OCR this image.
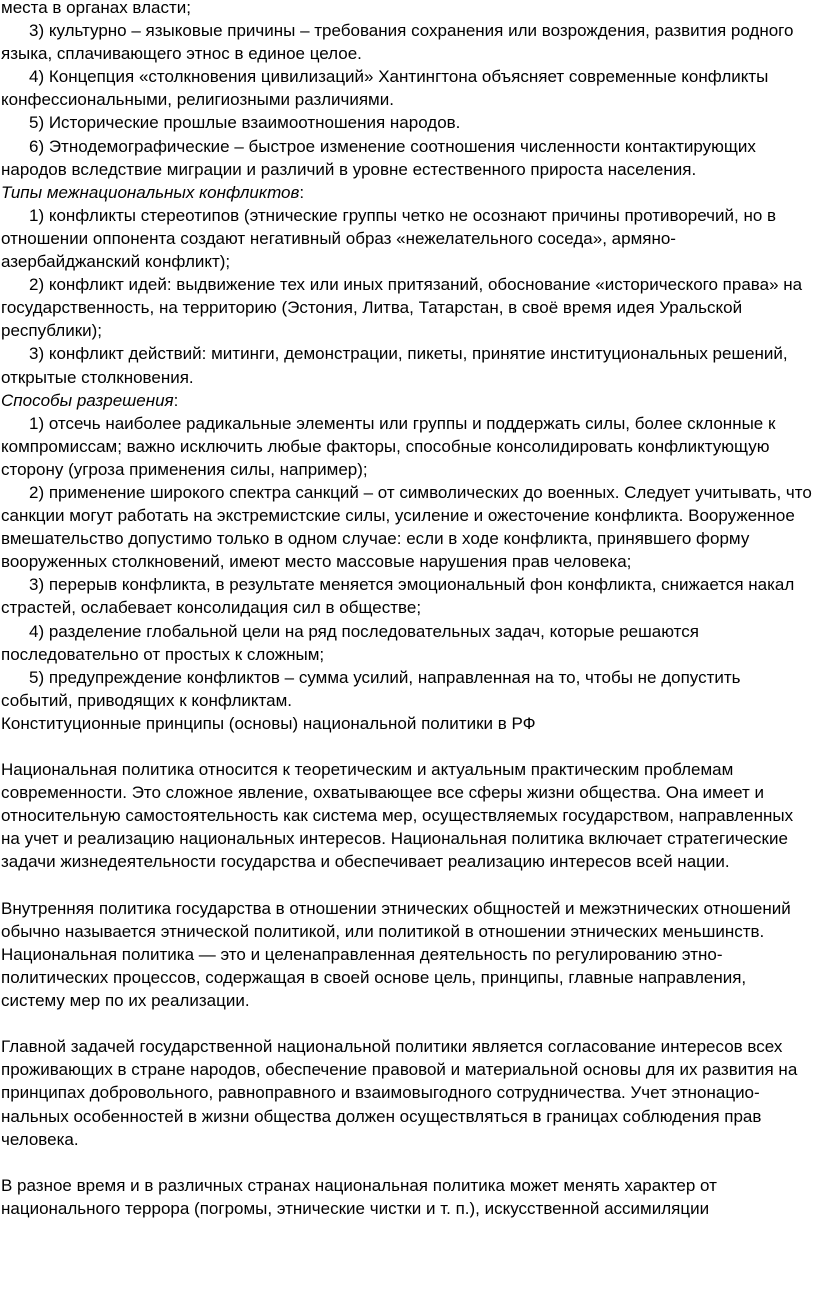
места в органах власти;

3) культурно – языковые причины – требования сохранения или возрождения, развития родного языка, сплачивающего этнос в единое целое.

4) Концепция «столкновения цивилизаций» Хантингтона объясняет современные конфликты конфессиональными, религиозными различиями.

5) Исторические прошлые взаимоотношения народов.

6) Этнодемографические – быстрое изменение соотношения численности контактирующих народов вследствие миграции и различий в уровне естественного прироста населения.

Типы межнациональных конфликтов:

1) конфликты стереотипов (этнические группы четко не осознают причины противоречий, но в отношении оппонента создают негативный образ «нежелательного соседа», армяно-азербайджанский конфликт);

2) конфликт идей: выдвижение тех или иных притязаний, обоснование «исторического права» на государственность, на территорию (Эстония, Литва, Татарстан, в своё время идея Уральской республики);

3) конфликт действий: митинги, демонстрации, пикеты, принятие институциональных решений, открытые столкновения.

Способы разрешения:

1) отсечь наиболее радикальные элементы или группы и поддержать силы, более склонные к компромиссам; важно исключить любые факторы, способные консолидировать конфликтующую сторону (угроза применения силы, например);

2) применение широкого спектра санкций – от символических до военных. Следует учитывать, что санкции могут работать на экстремистские силы, усиление и ожесточение конфликта. Вооруженное вмешательство допустимо только в одном случае: если в ходе конфликта, принявшего форму вооруженных столкновений, имеют место массовые нарушения прав человека;

3) перерыв конфликта, в результате меняется эмоциональный фон конфликта, снижается накал страстей, ослабевает консолидация сил в обществе;

4) разделение глобальной цели на ряд последовательных задач, которые решаются последовательно от простых к сложным;

5) предупреждение конфликтов – сумма усилий, направленная на то, чтобы не допустить событий, приводящих к конфликтам.

Конституционные принципы (основы) национальной политики в РФ

Национальная политика относится к теоретическим и актуальным практическим проблемам современности. Это сложное явление, охватывающее все сферы жизни общества. Она имеет и относительную самостоятельность как система мер, осуществляемых государством, направленных на учет и реализацию национальных интересов. Национальная политика включает стратегические задачи жизнедеятельности государства и обеспечивает реализацию интересов всей нации.

Внутренняя политика государства в отношении этнических общностей и межэтнических отношений обычно называется этнической политикой, или политикой в отношении этнических меньшинств. Национальная политика — это и целенаправленная деятельность по регулированию этно-политических процессов, содержащая в своей основе цель, принципы, главные направления, систему мер по их реализации.

Главной задачей государственной национальной политики является согласование интересов всех проживающих в стране народов, обеспечение правовой и материальной основы для их развития на принципах добровольного, равноправного и взаимовыгодного сотрудничества. Учет этнонацио-нальных особенностей в жизни общества должен осуществляться в границах соблюдения прав человека.

В разное время и в различных странах национальная политика может менять характер от национального террора (погромы, этнические чистки и т. п.), искусственной ассимиляции
